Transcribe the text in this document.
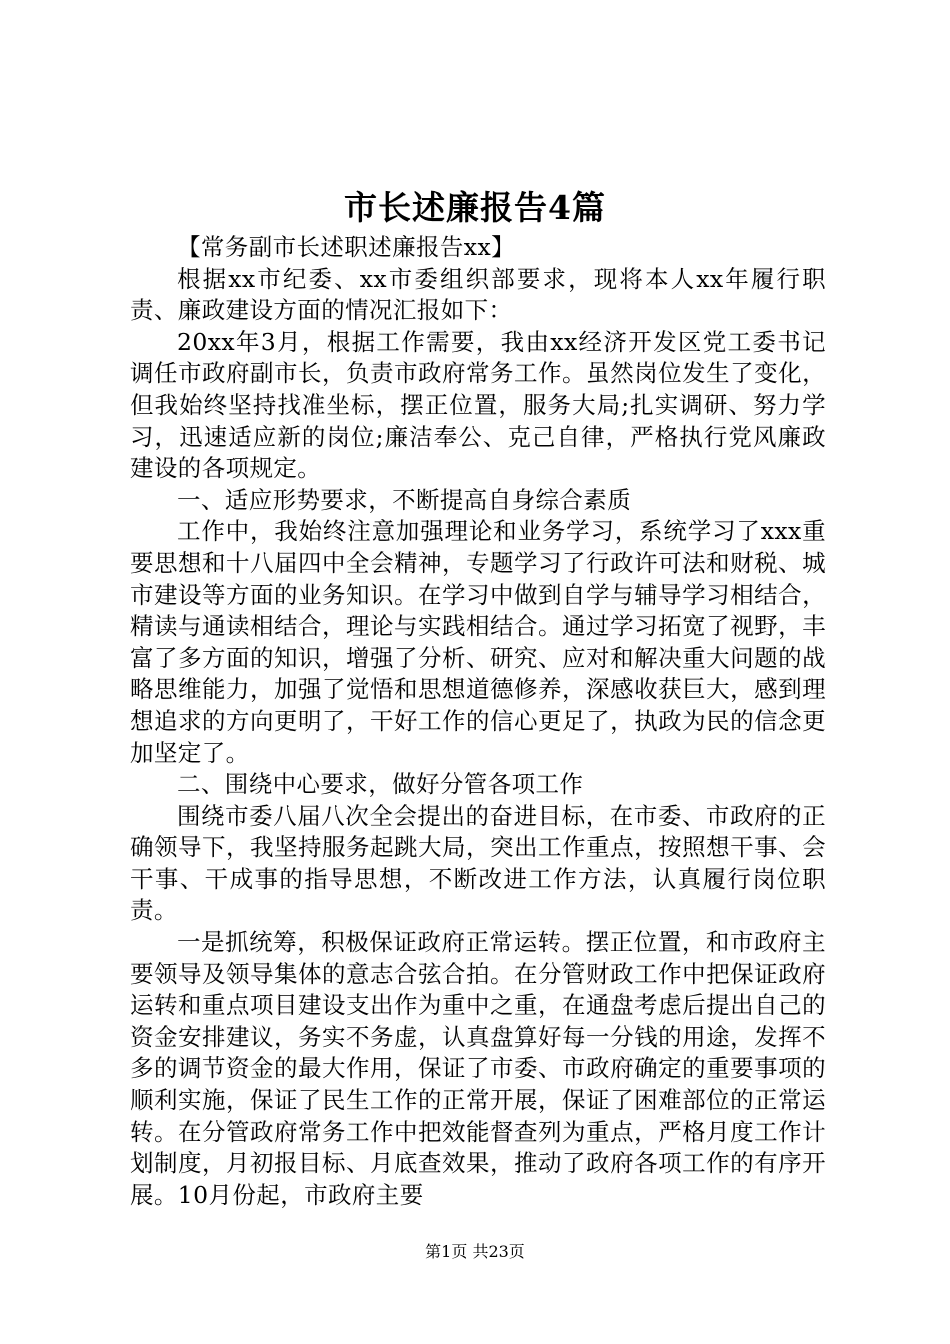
市长述廉报告4篇

【常务副市长述职述廉报告xx】

根据xx市纪委、xx市委组织部要求，现将本人xx年履行职责、廉政建设方面的情况汇报如下：

20xx年3月，根据工作需要，我由xx经济开发区党工委书记调任市政府副市长，负责市政府常务工作。虽然岗位发生了变化，但我始终坚持找准坐标，摆正位置，服务大局;扎实调研、努力学习，迅速适应新的岗位;廉洁奉公、克己自律，严格执行党风廉政建设的各项规定。

一、适应形势要求，不断提高自身综合素质

工作中，我始终注意加强理论和业务学习，系统学习了xxx重要思想和十八届四中全会精神，专题学习了行政许可法和财税、城市建设等方面的业务知识。在学习中做到自学与辅导学习相结合，精读与通读相结合，理论与实践相结合。通过学习拓宽了视野，丰富了多方面的知识，增强了分析、研究、应对和解决重大问题的战略思维能力，加强了觉悟和思想道德修养，深感收获巨大，感到理想追求的方向更明了，干好工作的信心更足了，执政为民的信念更加坚定了。

二、围绕中心要求，做好分管各项工作

围绕市委八届八次全会提出的奋进目标，在市委、市政府的正确领导下，我坚持服务起跳大局，突出工作重点，按照想干事、会干事、干成事的指导思想，不断改进工作方法，认真履行岗位职责。

一是抓统筹，积极保证政府正常运转。摆正位置，和市政府主要领导及领导集体的意志合弦合拍。在分管财政工作中把保证政府运转和重点项目建设支出作为重中之重，在通盘考虑后提出自己的资金安排建议，务实不务虚，认真盘算好每一分钱的用途，发挥不多的调节资金的最大作用，保证了市委、市政府确定的重要事项的顺利实施，保证了民生工作的正常开展，保证了困难部位的正常运转。在分管政府常务工作中把效能督查列为重点，严格月度工作计划制度，月初报目标、月底查效果，推动了政府各项工作的有序开展。10月份起，市政府主要

第1页 共23页
